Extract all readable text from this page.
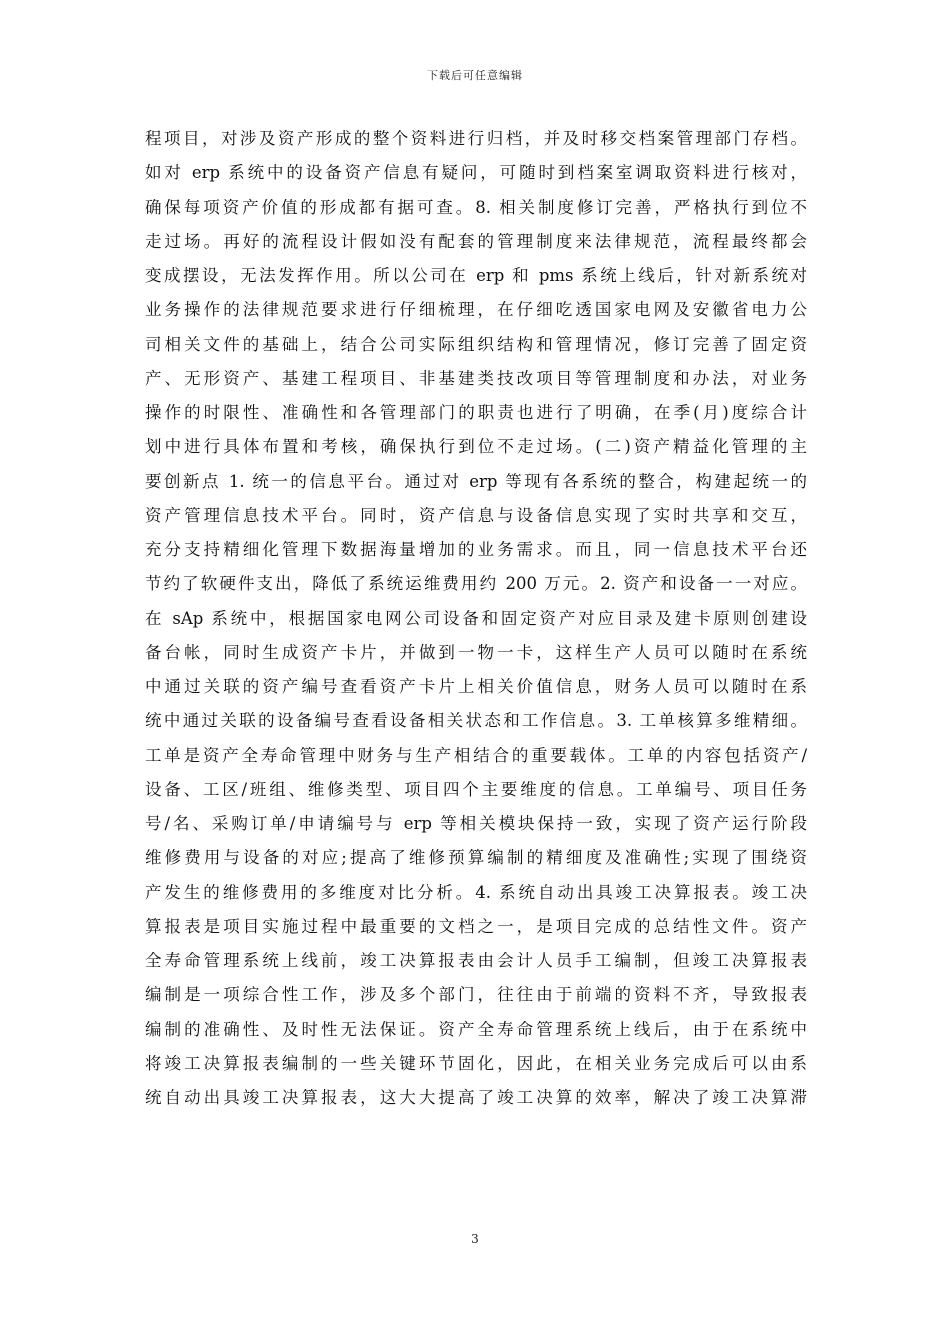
下载后可任意编辑
程项目，对涉及资产形成的整个资料进行归档，并及时移交档案管理部门存档。
如对 erp 系统中的设备资产信息有疑问，可随时到档案室调取资料进行核对，
确保每项资产价值的形成都有据可查。8. 相关制度修订完善，严格执行到位不
走过场。再好的流程设计假如没有配套的管理制度来法律规范，流程最终都会
变成摆设，无法发挥作用。所以公司在 erp 和 pms 系统上线后，针对新系统对
业务操作的法律规范要求进行仔细梳理，在仔细吃透国家电网及安徽省电力公
司相关文件的基础上，结合公司实际组织结构和管理情况，修订完善了固定资
产、无形资产、基建工程项目、非基建类技改项目等管理制度和办法，对业务
操作的时限性、准确性和各管理部门的职责也进行了明确，在季(月)度综合计
划中进行具体布置和考核，确保执行到位不走过场。(二)资产精益化管理的主
要创新点 1. 统一的信息平台。通过对 erp 等现有各系统的整合，构建起统一的
资产管理信息技术平台。同时，资产信息与设备信息实现了实时共享和交互，
充分支持精细化管理下数据海量增加的业务需求。而且，同一信息技术平台还
节约了软硬件支出，降低了系统运维费用约 200 万元。2. 资产和设备一一对应。
在 sAp 系统中，根据国家电网公司设备和固定资产对应目录及建卡原则创建设
备台帐，同时生成资产卡片，并做到一物一卡，这样生产人员可以随时在系统
中通过关联的资产编号查看资产卡片上相关价值信息，财务人员可以随时在系
统中通过关联的设备编号查看设备相关状态和工作信息。3. 工单核算多维精细。
工单是资产全寿命管理中财务与生产相结合的重要载体。工单的内容包括资产/
设备、工区/班组、维修类型、项目四个主要维度的信息。工单编号、项目任务
号/名、采购订单/申请编号与 erp 等相关模块保持一致，实现了资产运行阶段
维修费用与设备的对应;提高了维修预算编制的精细度及准确性;实现了围绕资
产发生的维修费用的多维度对比分析。4. 系统自动出具竣工决算报表。竣工决
算报表是项目实施过程中最重要的文档之一，是项目完成的总结性文件。资产
全寿命管理系统上线前，竣工决算报表由会计人员手工编制，但竣工决算报表
编制是一项综合性工作，涉及多个部门，往往由于前端的资料不齐，导致报表
编制的准确性、及时性无法保证。资产全寿命管理系统上线后，由于在系统中
将竣工决算报表编制的一些关键环节固化，因此，在相关业务完成后可以由系
统自动出具竣工决算报表，这大大提高了竣工决算的效率，解决了竣工决算滞
3
